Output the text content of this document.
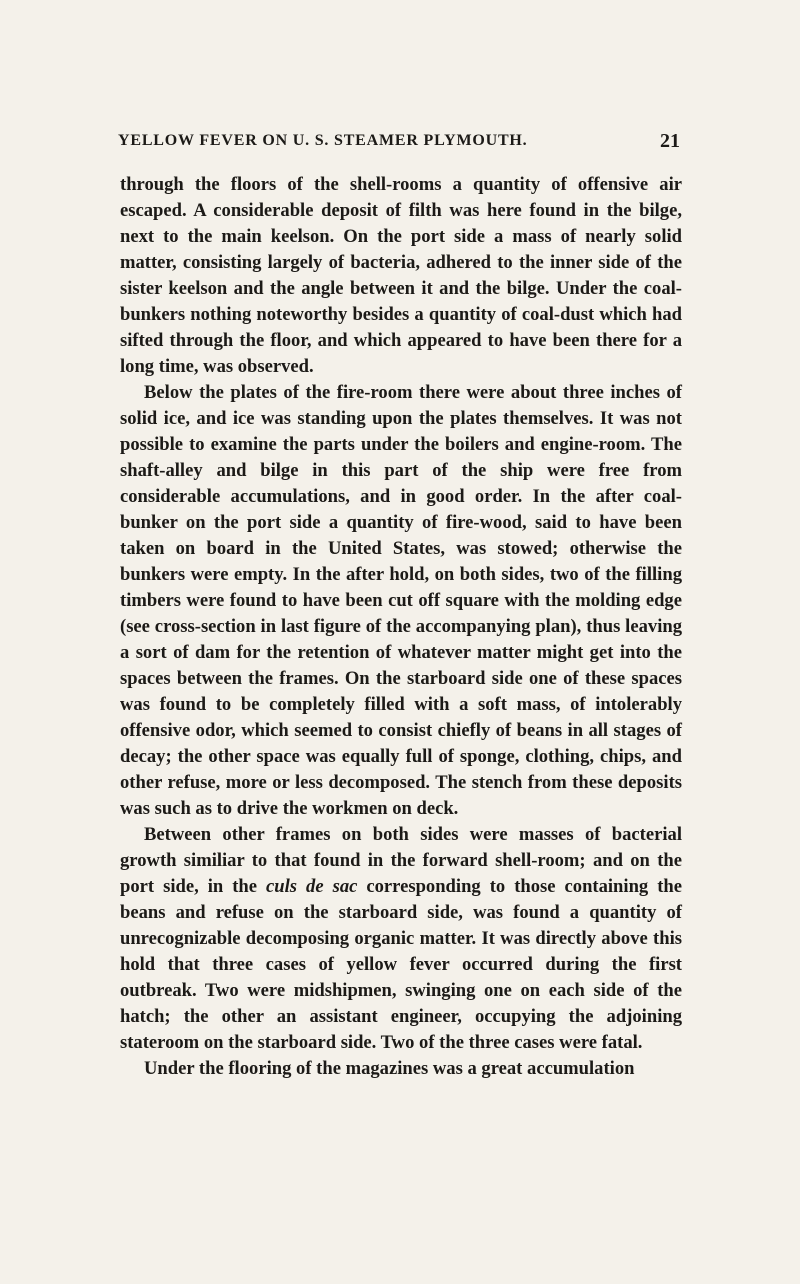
YELLOW FEVER ON U. S. STEAMER PLYMOUTH.	21

through the floors of the shell-rooms a quantity of offensive air escaped. A considerable deposit of filth was here found in the bilge, next to the main keelson. On the port side a mass of nearly solid matter, consisting largely of bacteria, adhered to the inner side of the sister keelson and the angle between it and the bilge. Under the coal-bunkers nothing noteworthy besides a quantity of coal-dust which had sifted through the floor, and which appeared to have been there for a long time, was observed.

Below the plates of the fire-room there were about three inches of solid ice, and ice was standing upon the plates themselves. It was not possible to examine the parts under the boilers and engine-room. The shaft-alley and bilge in this part of the ship were free from considerable accumulations, and in good order. In the after coal-bunker on the port side a quantity of fire-wood, said to have been taken on board in the United States, was stowed; otherwise the bunkers were empty. In the after hold, on both sides, two of the filling timbers were found to have been cut off square with the molding edge (see cross-section in last figure of the accompanying plan), thus leaving a sort of dam for the retention of whatever matter might get into the spaces between the frames. On the starboard side one of these spaces was found to be completely filled with a soft mass, of intolerably offensive odor, which seemed to consist chiefly of beans in all stages of decay; the other space was equally full of sponge, clothing, chips, and other refuse, more or less decomposed. The stench from these deposits was such as to drive the workmen on deck.

Between other frames on both sides were masses of bacterial growth similiar to that found in the forward shell-room; and on the port side, in the culs de sac corresponding to those containing the beans and refuse on the starboard side, was found a quantity of unrecognizable decomposing organic matter. It was directly above this hold that three cases of yellow fever occurred during the first outbreak. Two were midshipmen, swinging one on each side of the hatch; the other an assistant engineer, occupying the adjoining stateroom on the starboard side. Two of the three cases were fatal.

Under the flooring of the magazines was a great accumulation
